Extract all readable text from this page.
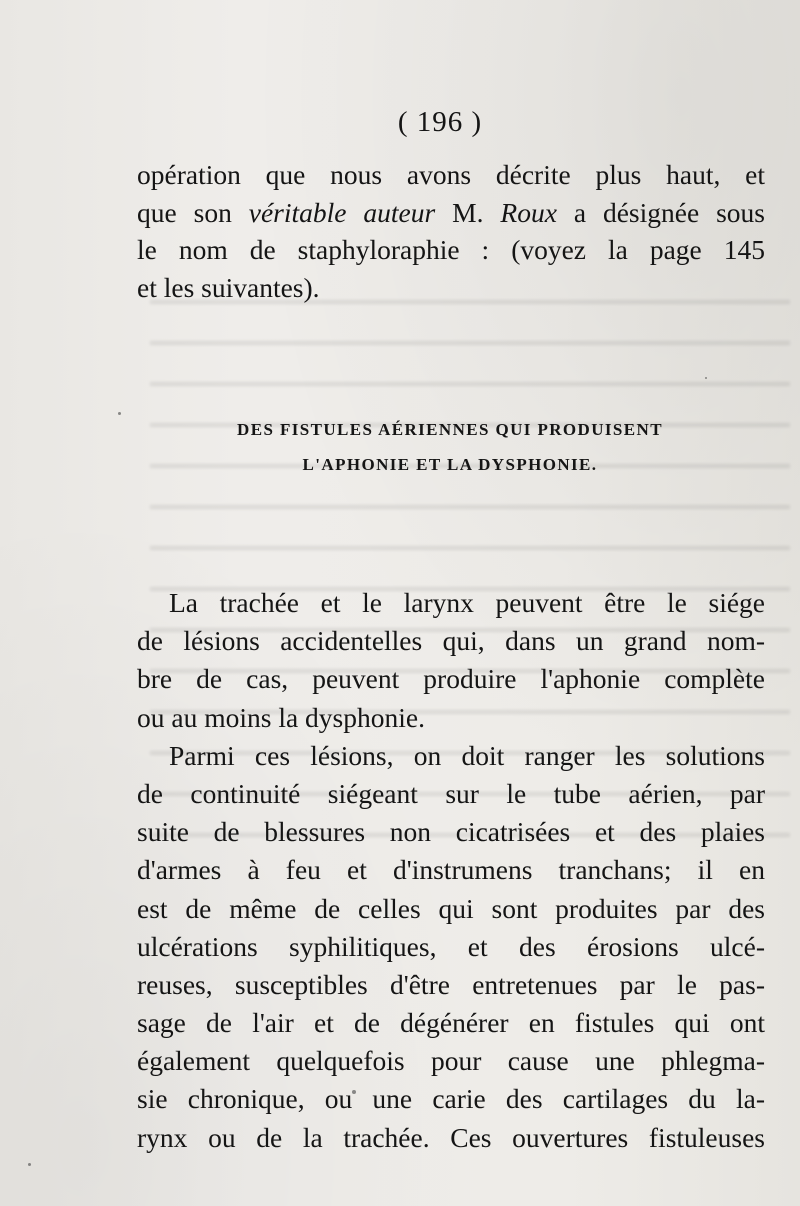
( 196 )
opération que nous avons décrite plus haut, et
que son véritable auteur M. Roux a désignée sous
le nom de staphyloraphie : (voyez la page 145
et les suivantes).
DES FISTULES AÉRIENNES QUI PRODUISENT
L'APHONIE ET LA DYSPHONIE.
La trachée et le larynx peuvent être le siége
de lésions accidentelles qui, dans un grand nom-
bre de cas, peuvent produire l'aphonie complète
ou au moins la dysphonie.
Parmi ces lésions, on doit ranger les solutions
de continuité siégeant sur le tube aérien, par
suite de blessures non cicatrisées et des plaies
d'armes à feu et d'instrumens tranchans; il en
est de même de celles qui sont produites par des
ulcérations syphilitiques, et des érosions ulcé-
reuses, susceptibles d'être entretenues par le pas-
sage de l'air et de dégénérer en fistules qui ont
également quelquefois pour cause une phlegma-
sie chronique, ou une carie des cartilages du la-
rynx ou de la trachée. Ces ouvertures fistuleuses
